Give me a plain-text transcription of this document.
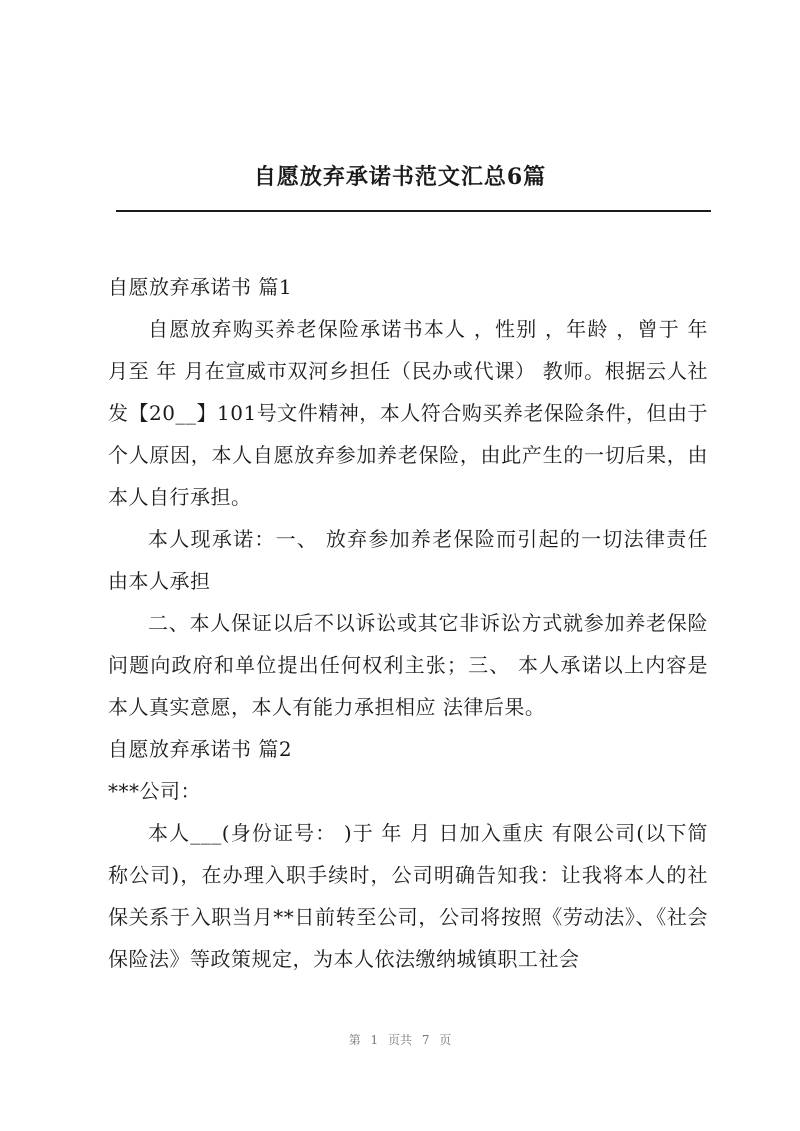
自愿放弃承诺书范文汇总6篇

自愿放弃承诺书 篇1

自愿放弃购买养老保险承诺书本人 ，性别 ，年龄 ，曾于 年 月至 年 月在宣威市双河乡担任（民办或代课） 教师。根据云人社发【20__】101号文件精神，本人符合购买养老保险条件，但由于个人原因，本人自愿放弃参加养老保险，由此产生的一切后果，由本人自行承担。

本人现承诺：一、 放弃参加养老保险而引起的一切法律责任由本人承担

二、本人保证以后不以诉讼或其它非诉讼方式就参加养老保险问题向政府和单位提出任何权利主张；三、 本人承诺以上内容是本人真实意愿，本人有能力承担相应 法律后果。

自愿放弃承诺书 篇2

***公司：

本人___(身份证号： )于 年 月 日加入重庆 有限公司(以下简称公司)，在办理入职手续时，公司明确告知我：让我将本人的社保关系于入职当月**日前转至公司，公司将按照《劳动法》、《社会保险法》等政策规定，为本人依法缴纳城镇职工社会

第 1 页共 7 页
